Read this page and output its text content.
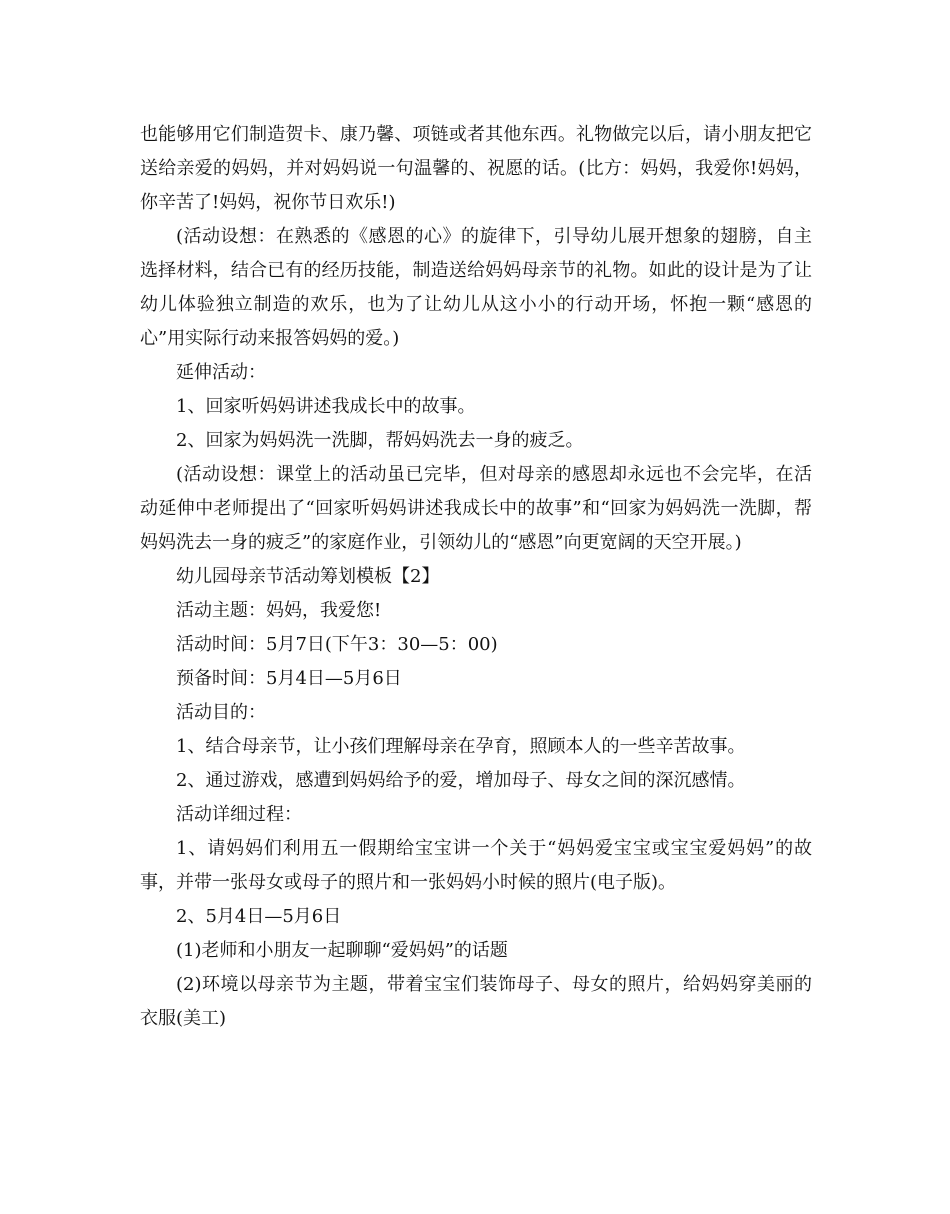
也能够用它们制造贺卡、康乃馨、项链或者其他东西。礼物做完以后，请小朋友把它送给亲爱的妈妈，并对妈妈说一句温馨的、祝愿的话。(比方：妈妈，我爱你!妈妈，你辛苦了!妈妈，祝你节日欢乐!)

(活动设想：在熟悉的《感恩的心》的旋律下，引导幼儿展开想象的翅膀，自主选择材料，结合已有的经历技能，制造送给妈妈母亲节的礼物。如此的设计是为了让幼儿体验独立制造的欢乐，也为了让幼儿从这小小的行动开场，怀抱一颗“感恩的心”用实际行动来报答妈妈的爱。)

延伸活动：

1、回家听妈妈讲述我成长中的故事。

2、回家为妈妈洗一洗脚，帮妈妈洗去一身的疲乏。

(活动设想：课堂上的活动虽已完毕，但对母亲的感恩却永远也不会完毕，在活动延伸中老师提出了“回家听妈妈讲述我成长中的故事”和“回家为妈妈洗一洗脚，帮妈妈洗去一身的疲乏”的家庭作业，引领幼儿的“感恩”向更宽阔的天空开展。)

幼儿园母亲节活动筹划模板【2】

活动主题：妈妈，我爱您!

活动时间：5月7日(下午3：30—5：00)

预备时间：5月4日—5月6日

活动目的：

1、结合母亲节，让小孩们理解母亲在孕育，照顾本人的一些辛苦故事。

2、通过游戏，感遭到妈妈给予的爱，增加母子、母女之间的深沉感情。

活动详细过程：

1、请妈妈们利用五一假期给宝宝讲一个关于“妈妈爱宝宝或宝宝爱妈妈”的故事，并带一张母女或母子的照片和一张妈妈小时候的照片(电子版)。

2、5月4日—5月6日

(1)老师和小朋友一起聊聊“爱妈妈”的话题

(2)环境以母亲节为主题，带着宝宝们装饰母子、母女的照片，给妈妈穿美丽的衣服(美工)
